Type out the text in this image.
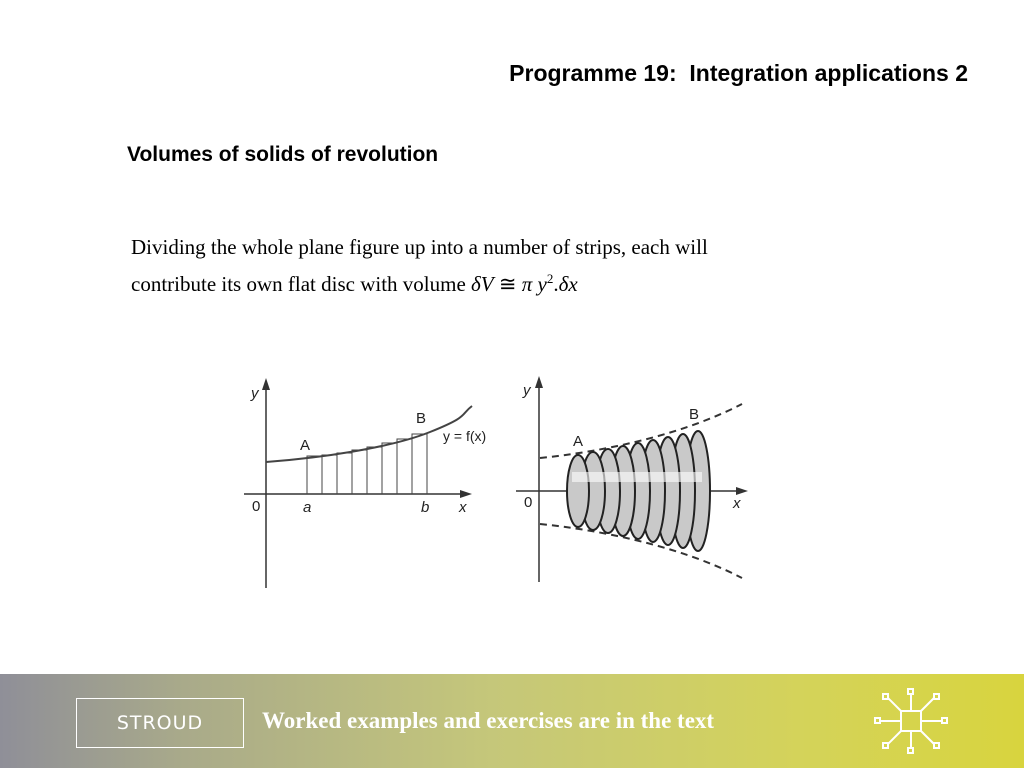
Programme 19:  Integration applications 2
Volumes of solids of revolution
Dividing the whole plane figure up into a number of strips, each will
contribute its own flat disc with volume δV ≅ π $y^2.\delta x$
y
x
0
A
B
a	b
y = f(x)
y
x
0
A
B
STROUD	Worked examples and exercises are in the text
